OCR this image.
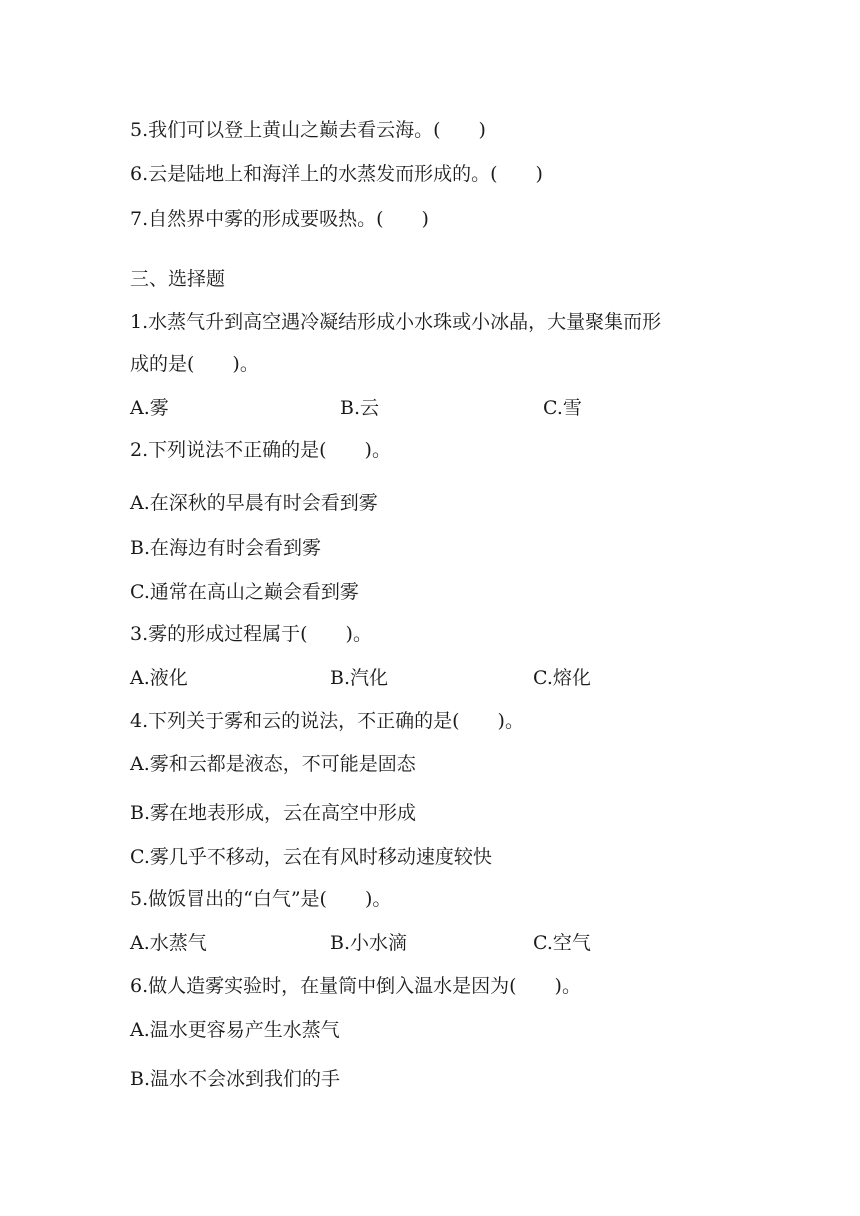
5.我们可以登上黄山之巅去看云海。(　　)
6.云是陆地上和海洋上的水蒸发而形成的。(　　)
7.自然界中雾的形成要吸热。(　　)
三、选择题
1.水蒸气升到高空遇冷凝结形成小水珠或小冰晶，大量聚集而形
成的是(　　)。
A.雾	B.云	C.雪
2.下列说法不正确的是(　　)。
A.在深秋的早晨有时会看到雾
B.在海边有时会看到雾
C.通常在高山之巅会看到雾
3.雾的形成过程属于(　　)。
A.液化	B.汽化	C.熔化
4.下列关于雾和云的说法，不正确的是(　　)。
A.雾和云都是液态，不可能是固态
B.雾在地表形成，云在高空中形成
C.雾几乎不移动，云在有风时移动速度较快
5.做饭冒出的“白气”是(　　)。
A.水蒸气	B.小水滴	C.空气
6.做人造雾实验时，在量筒中倒入温水是因为(　　)。
A.温水更容易产生水蒸气
B.温水不会冰到我们的手
